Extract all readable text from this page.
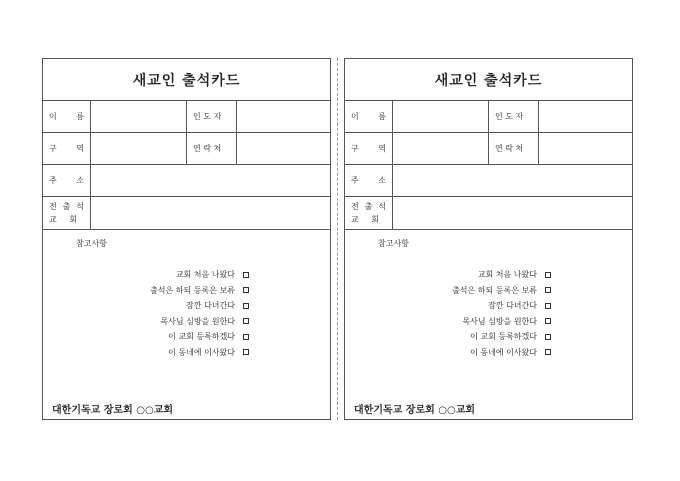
새교인 출석카드
이 름	인 도 자
구 역	연 락 처
주 소
전 출 석
교 회
참고사항
교회 처음 나왔다
출석은 하되 등록은 보류
잠깐 다녀간다
목사님 심방을 원한다
이 교회 등록하겠다
이 동네에 이사왔다
대한기독교 장로회 ○○교회
새교인 출석카드
이 름	인 도 자
구 역	연 락 처
주 소
전 출 석
교 회
참고사항
교회 처음 나왔다
출석은 하되 등록은 보류
잠깐 다녀간다
목사님 심방을 원한다
이 교회 등록하겠다
이 동네에 이사왔다
대한기독교 장로회 ○○교회
